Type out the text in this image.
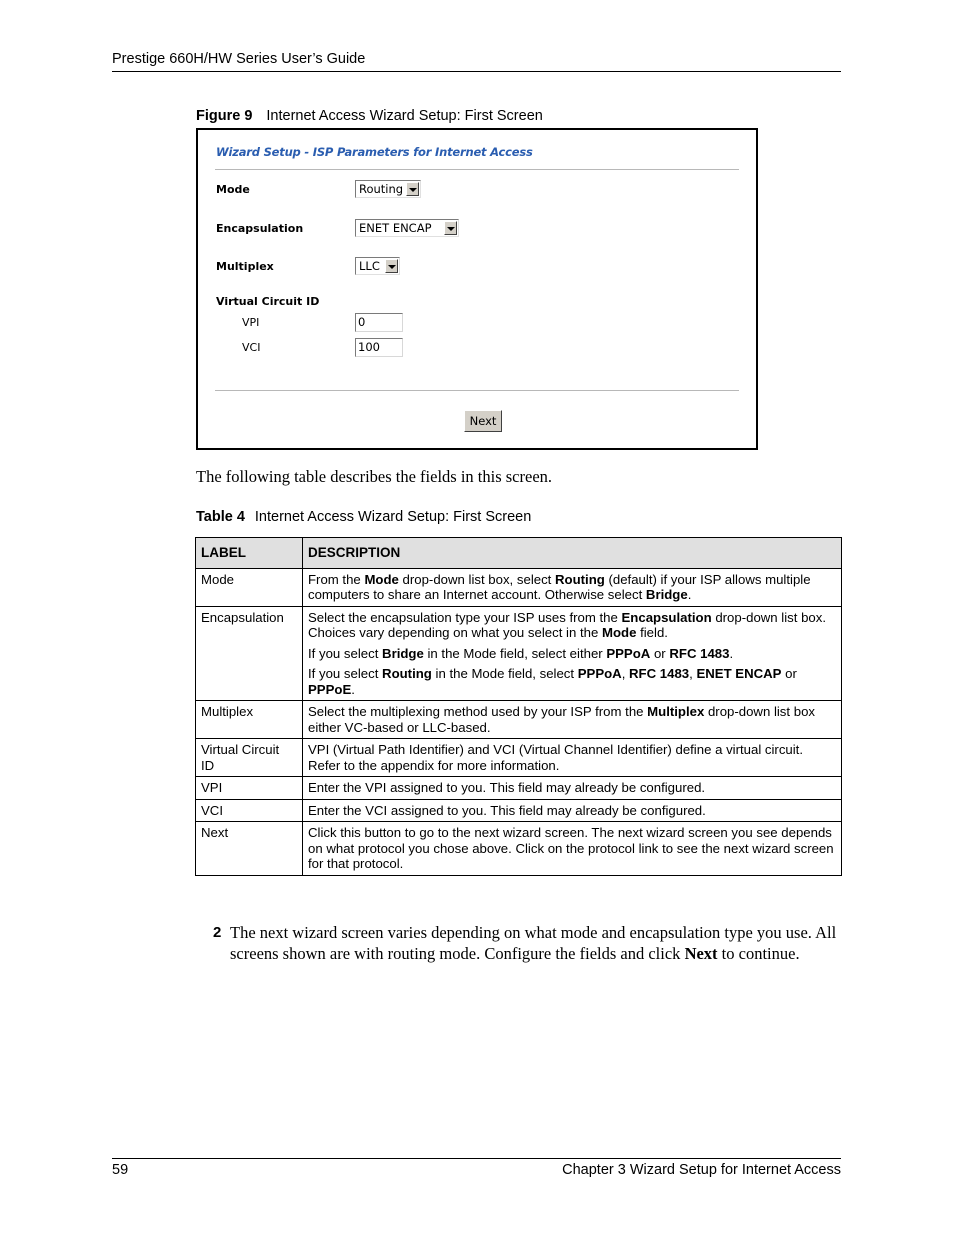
Prestige 660H/HW Series User’s Guide
Figure 9 Internet Access Wizard Setup: First Screen
Wizard Setup - ISP Parameters for Internet Access
Mode	Routing
Encapsulation	ENET ENCAP
Multiplex	LLC
Virtual Circuit ID
VPI	0
VCI	100
Next
The following table describes the fields in this screen.
Table 4 Internet Access Wizard Setup: First Screen
LABEL	DESCRIPTION
Mode	From the Mode drop-down list box, select Routing (default) if your ISP allows multiple computers to share an Internet account. Otherwise select Bridge.

Encapsulation	Select the encapsulation type your ISP uses from the Encapsulation drop-down list box. Choices vary depending on what you select in the Mode field.

If you select Bridge in the Mode field, select either PPPoA or RFC 1483.

If you select Routing in the Mode field, select PPPoA, RFC 1483, ENET ENCAP or PPPoE.

Multiplex	Select the multiplexing method used by your ISP from the Multiplex drop-down list box either VC-based or LLC-based.

Virtual Circuit ID	VPI (Virtual Path Identifier) and VCI (Virtual Channel Identifier) define a virtual circuit. Refer to the appendix for more information.

VPI	Enter the VPI assigned to you. This field may already be configured.

VCI	Enter the VCI assigned to you. This field may already be configured.

Next	Click this button to go to the next wizard screen. The next wizard screen you see depends on what protocol you chose above. Click on the protocol link to see the next wizard screen for that protocol.

2 The next wizard screen varies depending on what mode and encapsulation type you use. All screens shown are with routing mode. Configure the fields and click Next to continue.
59	Chapter 3 Wizard Setup for Internet Access
